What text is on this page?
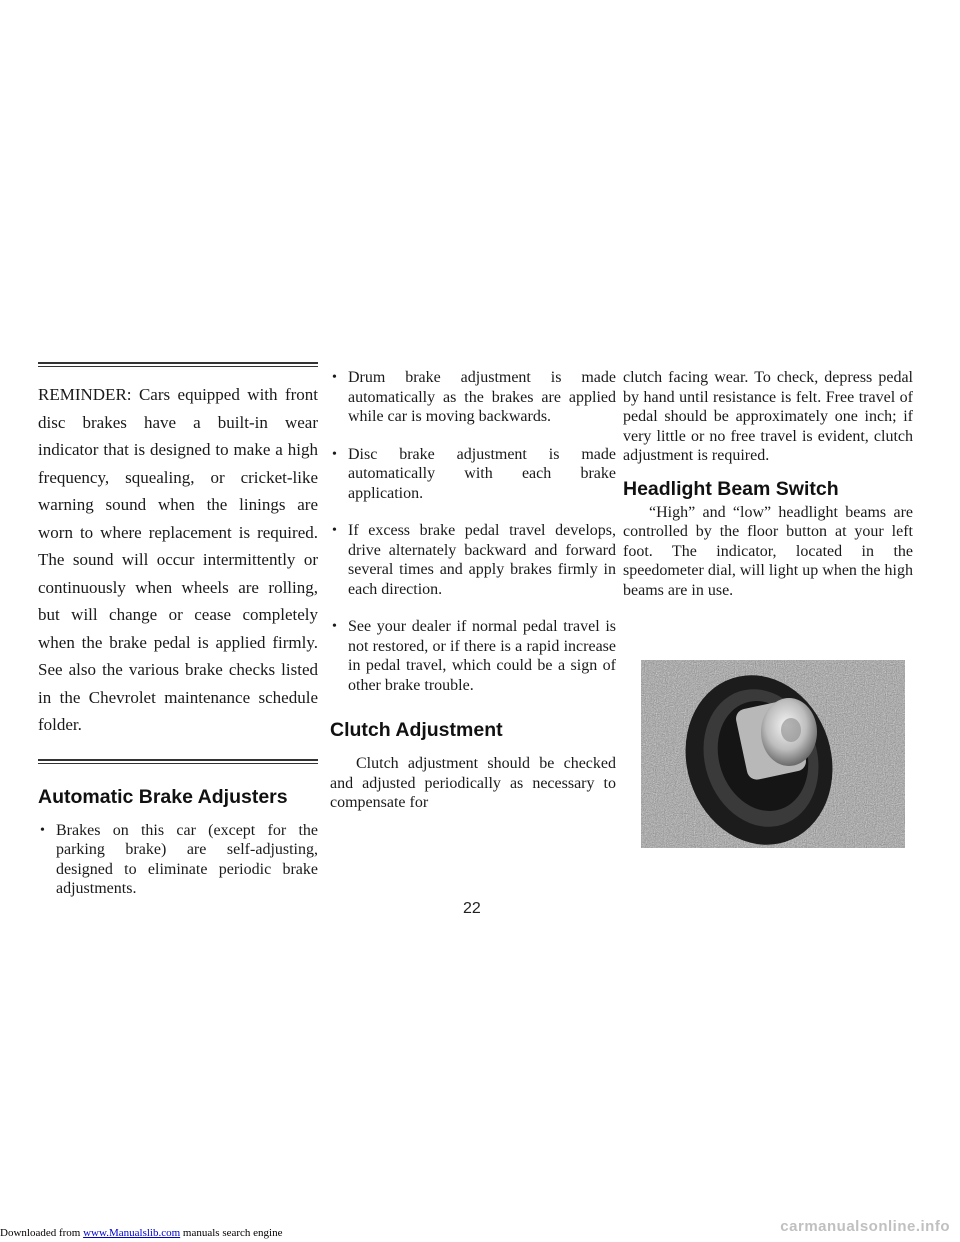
Downloaded from www.Manualslib.com manuals search engine

REMINDER: Cars equipped with front disc brakes have a built-in wear indicator that is designed to make a high frequency, squealing, or cricket-like warning sound when the linings are worn to where replacement is required. The sound will occur intermittently or continuously when wheels are rolling, but will change or cease completely when the brake pedal is applied firmly. See also the various brake checks listed in the Chevrolet maintenance schedule folder.

Automatic Brake Adjusters
• Brakes on this car (except for the parking brake) are self-adjusting, designed to eliminate periodic brake adjustments.
• Drum brake adjustment is made automatically as the brakes are applied while car is moving backwards.
• Disc brake adjustment is made automatically with each brake application.
• If excess brake pedal travel develops, drive alternately backward and forward several times and apply brakes firmly in each direction.
• See your dealer if normal pedal travel is not restored, or if there is a rapid increase in pedal travel, which could be a sign of other brake trouble.
Clutch Adjustment

Clutch adjustment should be checked and adjusted periodically as necessary to compensate for

clutch facing wear. To check, depress pedal by hand until resistance is felt. Free travel of pedal should be approximately one inch; if very little or no free travel is evident, clutch adjustment is required.

Headlight Beam Switch

“High” and “low” headlight beams are controlled by the floor button at your left foot. The indicator, located in the speedometer dial, will light up when the high beams are in use.

22
carmanualsonline.info
